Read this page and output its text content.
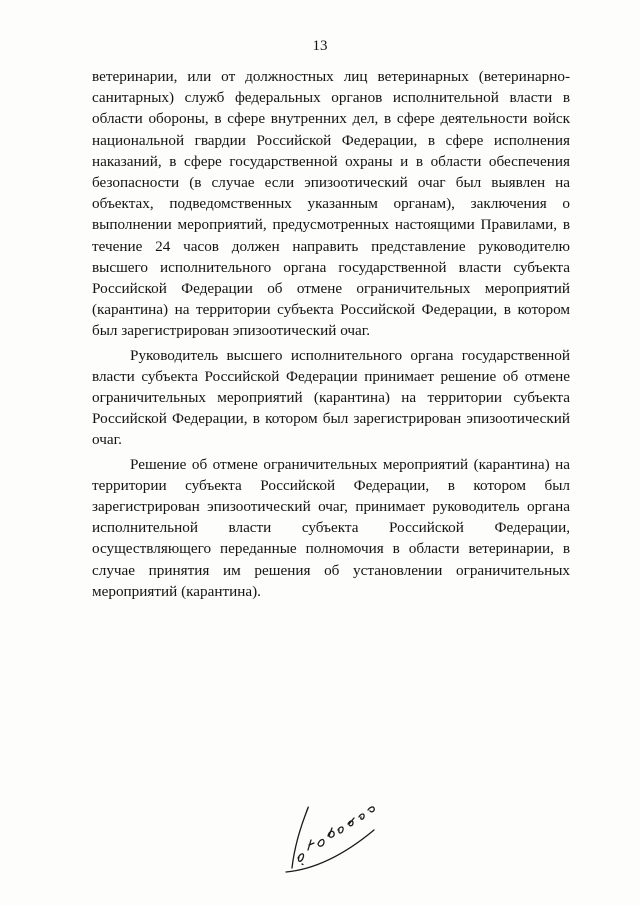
13

ветеринарии, или от должностных лиц ветеринарных (ветеринарно-санитарных) служб федеральных органов исполнительной власти в области обороны, в сфере внутренних дел, в сфере деятельности войск национальной гвардии Российской Федерации, в сфере исполнения наказаний, в сфере государственной охраны и в области обеспечения безопасности (в случае если эпизоотический очаг был выявлен на объектах, подведомственных указанным органам), заключения о выполнении мероприятий, предусмотренных настоящими Правилами, в течение 24 часов должен направить представление руководителю высшего исполнительного органа государственной власти субъекта Российской Федерации об отмене ограничительных мероприятий (карантина) на территории субъекта Российской Федерации, в котором был зарегистрирован эпизоотический очаг.

Руководитель высшего исполнительного органа государственной власти субъекта Российской Федерации принимает решение об отмене ограничительных мероприятий (карантина) на территории субъекта Российской Федерации, в котором был зарегистрирован эпизоотический очаг.

Решение об отмене ограничительных мероприятий (карантина) на территории субъекта Российской Федерации, в котором был зарегистрирован эпизоотический очаг, принимает руководитель органа исполнительной власти субъекта Российской Федерации, осуществляющего переданные полномочия в области ветеринарии, в случае принятия им решения об установлении ограничительных мероприятий (карантина).
